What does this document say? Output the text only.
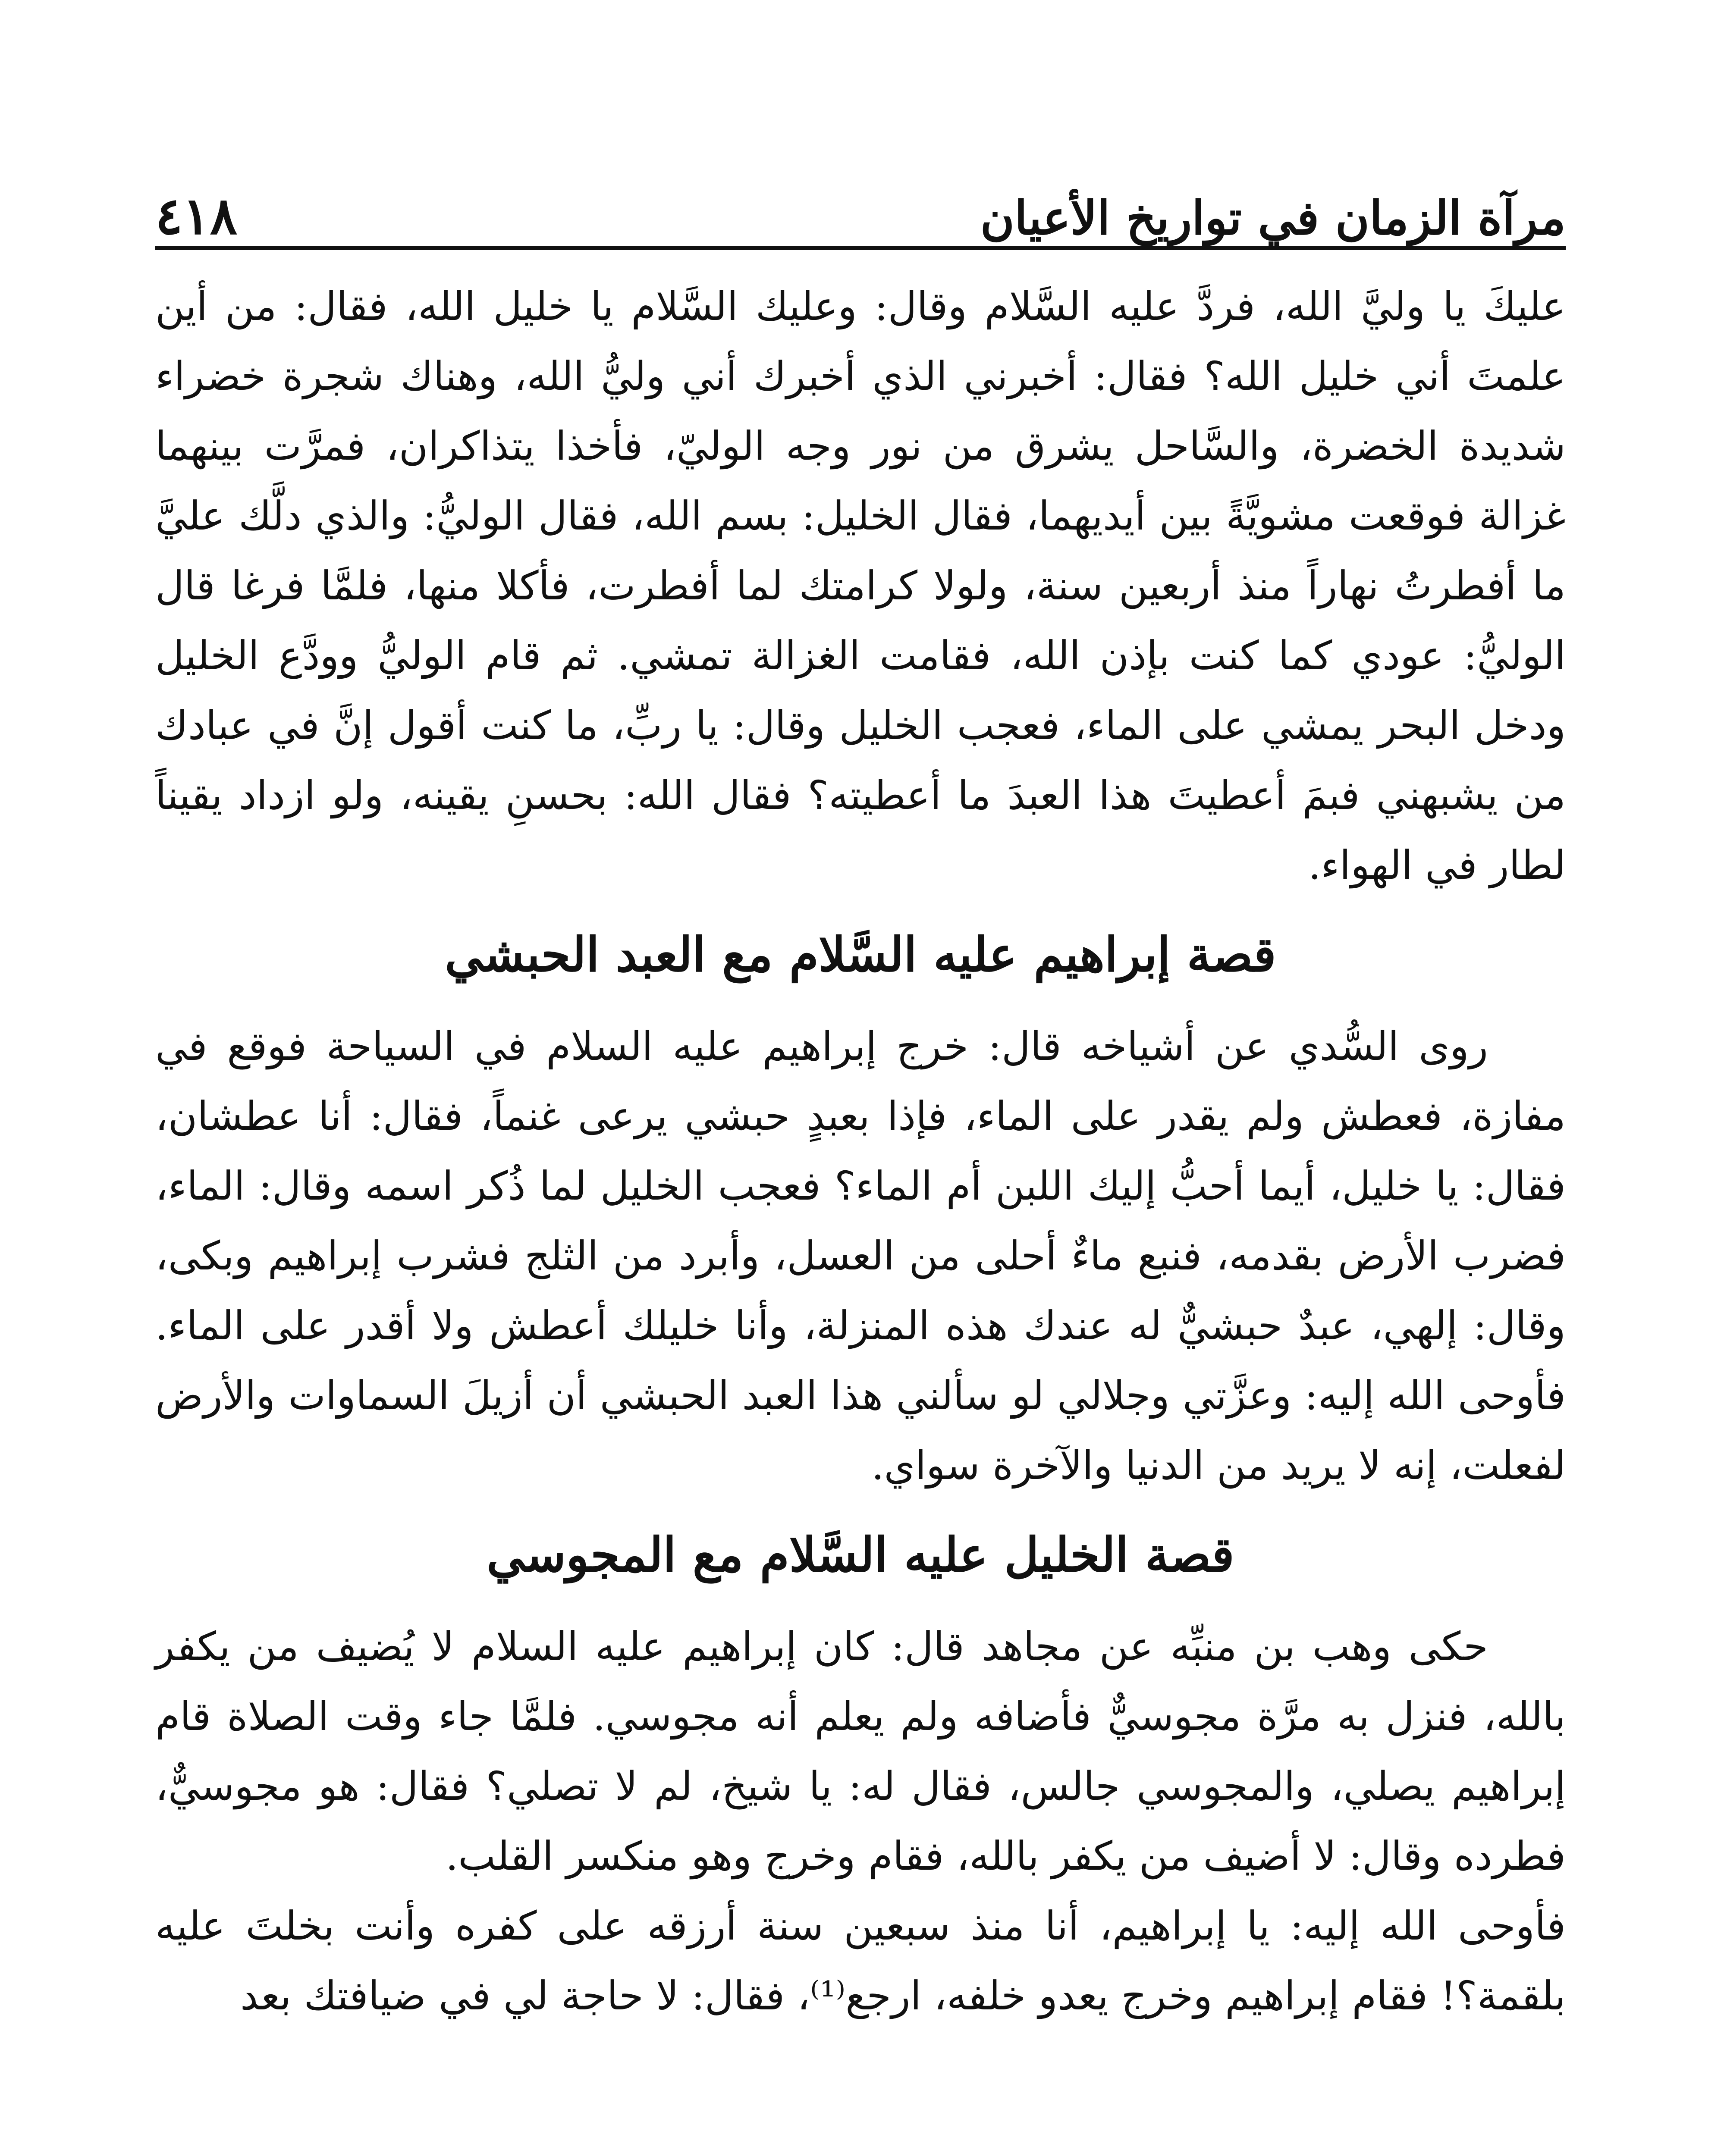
مرآة الزمان في تواريخ الأعيان
٤١٨

عليكَ يا وليَّ الله، فردَّ عليه السَّلام وقال: وعليك السَّلام يا خليل الله، فقال: من أين علمتَ أني خليل الله؟ فقال: أخبرني الذي أخبرك أني وليُّ الله، وهناك شجرة خضراء شديدة الخضرة، والسَّاحل يشرق من نور وجه الوليّ، فأخذا يتذاكران، فمرَّت بينهما غزالة فوقعت مشويَّةً بين أيديهما، فقال الخليل: بسم الله، فقال الوليُّ: والذي دلَّك عليَّ ما أفطرتُ نهاراً منذ أربعين سنة، ولولا كرامتك لما أفطرت، فأكلا منها، فلمَّا فرغا قال الوليُّ: عودي كما كنت بإذن الله، فقامت الغزالة تمشي. ثم قام الوليُّ وودَّع الخليل ودخل البحر يمشي على الماء، فعجب الخليل وقال: يا ربِّ، ما كنت أقول إنَّ في عبادك من يشبهني فبمَ أعطيتَ هذا العبدَ ما أعطيته؟ فقال الله: بحسنِ يقينه، ولو ازداد يقيناً لطار في الهواء.

قصة إبراهيم عليه السَّلام مع العبد الحبشي

روى السُّدي عن أشياخه قال: خرج إبراهيم عليه السلام في السياحة فوقع في مفازة، فعطش ولم يقدر على الماء، فإذا بعبدٍ حبشي يرعى غنماً، فقال: أنا عطشان، فقال: يا خليل، أيما أحبُّ إليك اللبن أم الماء؟ فعجب الخليل لما ذُكر اسمه وقال: الماء، فضرب الأرض بقدمه، فنبع ماءٌ أحلى من العسل، وأبرد من الثلج فشرب إبراهيم وبكى، وقال: إلهي، عبدٌ حبشيٌّ له عندك هذه المنزلة، وأنا خليلك أعطش ولا أقدر على الماء. فأوحى الله إليه: وعزَّتي وجلالي لو سألني هذا العبد الحبشي أن أزيلَ السماوات والأرض لفعلت، إنه لا يريد من الدنيا والآخرة سواي.

قصة الخليل عليه السَّلام مع المجوسي

حكى وهب بن منبِّه عن مجاهد قال: كان إبراهيم عليه السلام لا يُضيف من يكفر بالله، فنزل به مرَّة مجوسيٌّ فأضافه ولم يعلم أنه مجوسي. فلمَّا جاء وقت الصلاة قام إبراهيم يصلي، والمجوسي جالس، فقال له: يا شيخ، لم لا تصلي؟ فقال: هو مجوسيٌّ، فطرده وقال: لا أضيف من يكفر بالله، فقام وخرج وهو منكسر القلب.

فأوحى الله إليه: يا إبراهيم، أنا منذ سبعين سنة أرزقه على كفره وأنت بخلتَ عليه بلقمة؟! فقام إبراهيم وخرج يعدو خلفه، ارجع⁽¹⁾، فقال: لا حاجة لي في ضيافتك بعد
